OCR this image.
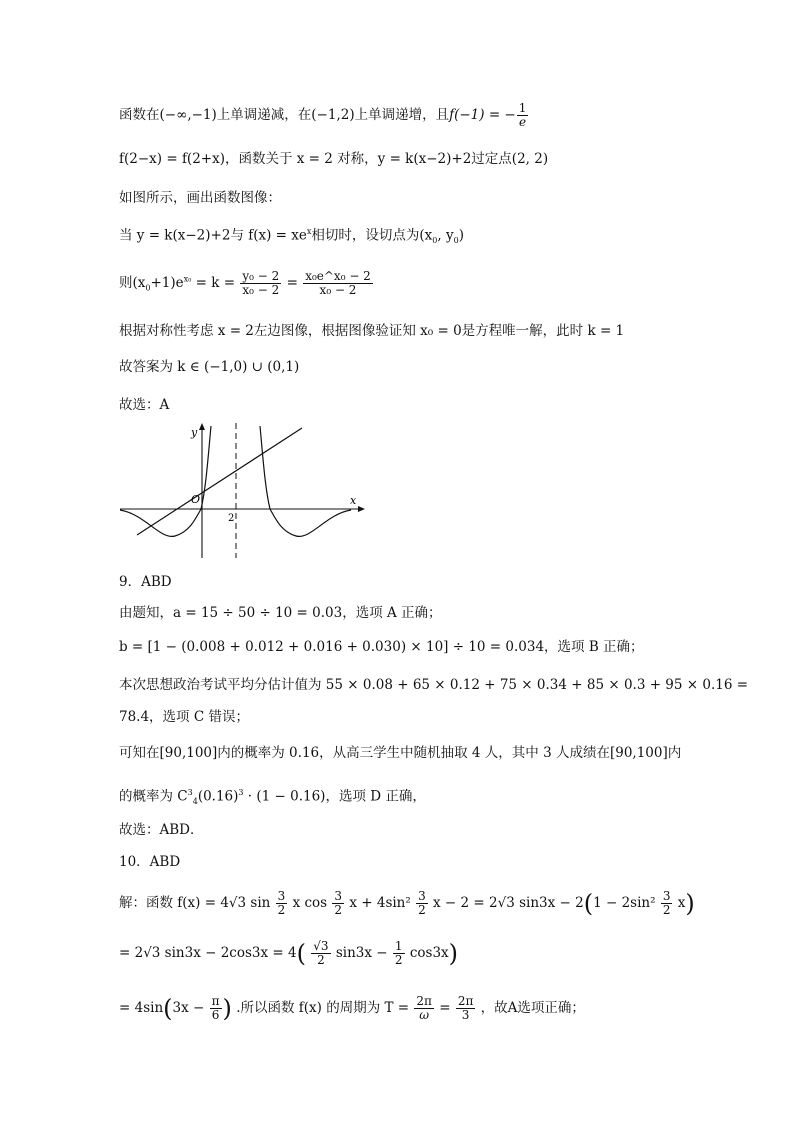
函数在(−∞,−1)上单调递减，在(−1,2)上单调递增，且f(−1) = − $\frac{1}{e}$
f(2−x) = f(2+x)，函数关于 x = 2 对称，y = k(x−2)+2过定点(2, 2)
如图所示，画出函数图像：
当 y = k(x−2)+2与 $f(x) = xe^x$相切时，设切点为($x_0$, $y_0$)
则$(x_0+1)e^{x_0} = k = \frac{\text{y₀ − 2}}{\text{x₀ − 2}} = \frac{\text{x₀e\textasciicircum{}x₀ − 2}}{\text{x₀ − 2}}$
根据对称性考虑 x = 2左边图像，根据图像验证知 x₀ = 0是方程唯一解，此时 k = 1
故答案为 k ∈ (−1,0) ∪ (0,1)
故选：A
y
x
O
2
9．ABD
由题知，a = 15 ÷ 50 ÷ 10 = 0.03，选项 A 正确；
b = [1 − (0.008 + 0.012 + 0.016 + 0.030) × 10] ÷ 10 = 0.034，选项 B 正确；
本次思想政治考试平均分估计值为 55 × 0.08 + 65 × 0.12 + 75 × 0.34 + 85 × 0.3 + 95 × 0.16 =
78.4，选项 C 错误；
可知在[90,100]内的概率为 0.16，从高三学生中随机抽取 4 人，其中 3 人成绩在[90,100]内
的概率为 $C^3_4(0.16)^3 \cdot (1 - 0.16)$，选项 D 正确，
故选：ABD．
10．ABD
解：函数 f(x) = 4√3 $\sin \frac{3}{2}$ x $\cos \frac{3}{2}$ $x + 4\sin^2 \frac{3}{2}$ x − 2 = 2√3 $\sin 3x - 2(1 - 2\sin^2 \frac{3}{2} x)$
= 2√3 $\sin 3x - 2\cos 3x = 4( \frac{√3}{2} \sin 3x - \frac{1}{2} \cos 3x)$
= $4\sin(3x - \frac{\pi}{6}$ ) .所以函数 f(x) 的周期为 $T = \frac{2\pi}{\omega} = \frac{2\pi}{3}$ ，故A选项正确；
